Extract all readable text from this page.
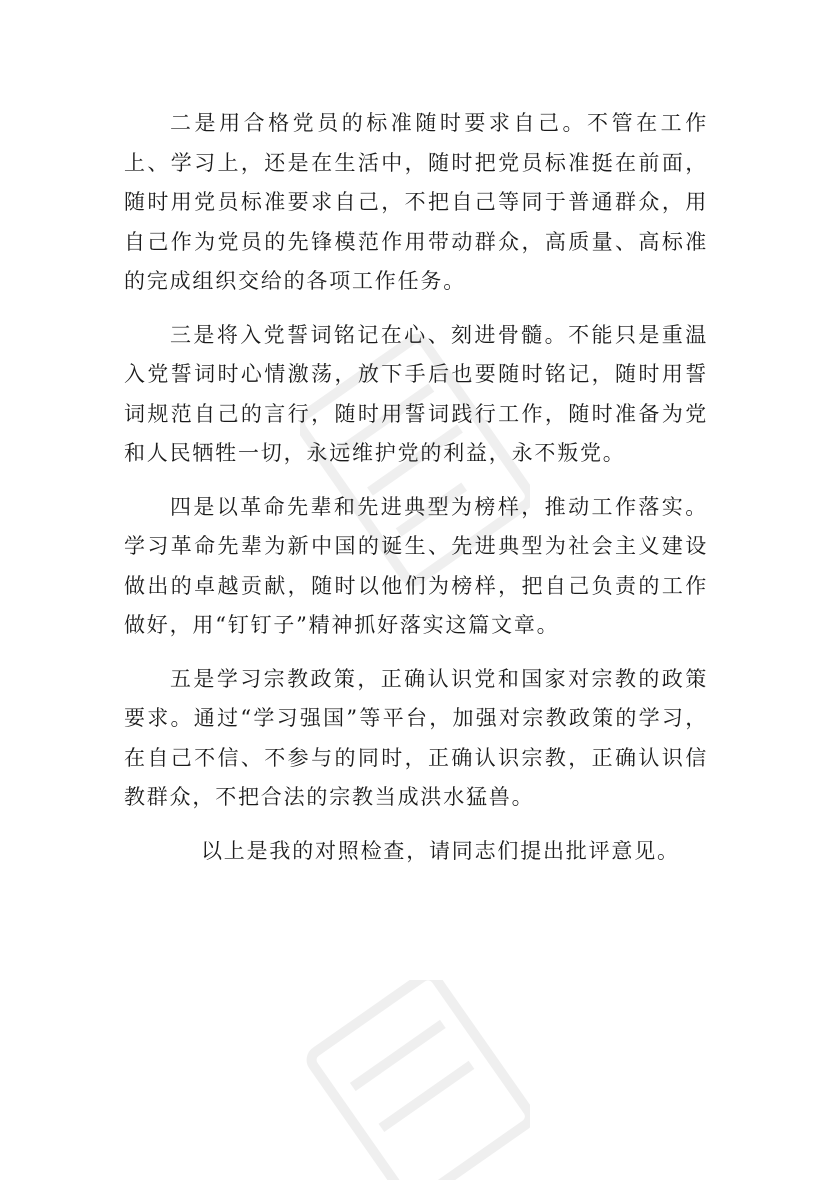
二是用合格党员的标准随时要求自己。不管在工作上、学习上，还是在生活中，随时把党员标准挺在前面，随时用党员标准要求自己，不把自己等同于普通群众，用自己作为党员的先锋模范作用带动群众，高质量、高标准的完成组织交给的各项工作任务。

三是将入党誓词铭记在心、刻进骨髓。不能只是重温入党誓词时心情激荡，放下手后也要随时铭记，随时用誓词规范自己的言行，随时用誓词践行工作，随时准备为党和人民牺牲一切，永远维护党的利益，永不叛党。

四是以革命先辈和先进典型为榜样，推动工作落实。学习革命先辈为新中国的诞生、先进典型为社会主义建设做出的卓越贡献，随时以他们为榜样，把自己负责的工作做好，用“钉钉子”精神抓好落实这篇文章。

五是学习宗教政策，正确认识党和国家对宗教的政策要求。通过“学习强国”等平台，加强对宗教政策的学习，在自己不信、不参与的同时，正确认识宗教，正确认识信教群众，不把合法的宗教当成洪水猛兽。

以上是我的对照检查，请同志们提出批评意见。
